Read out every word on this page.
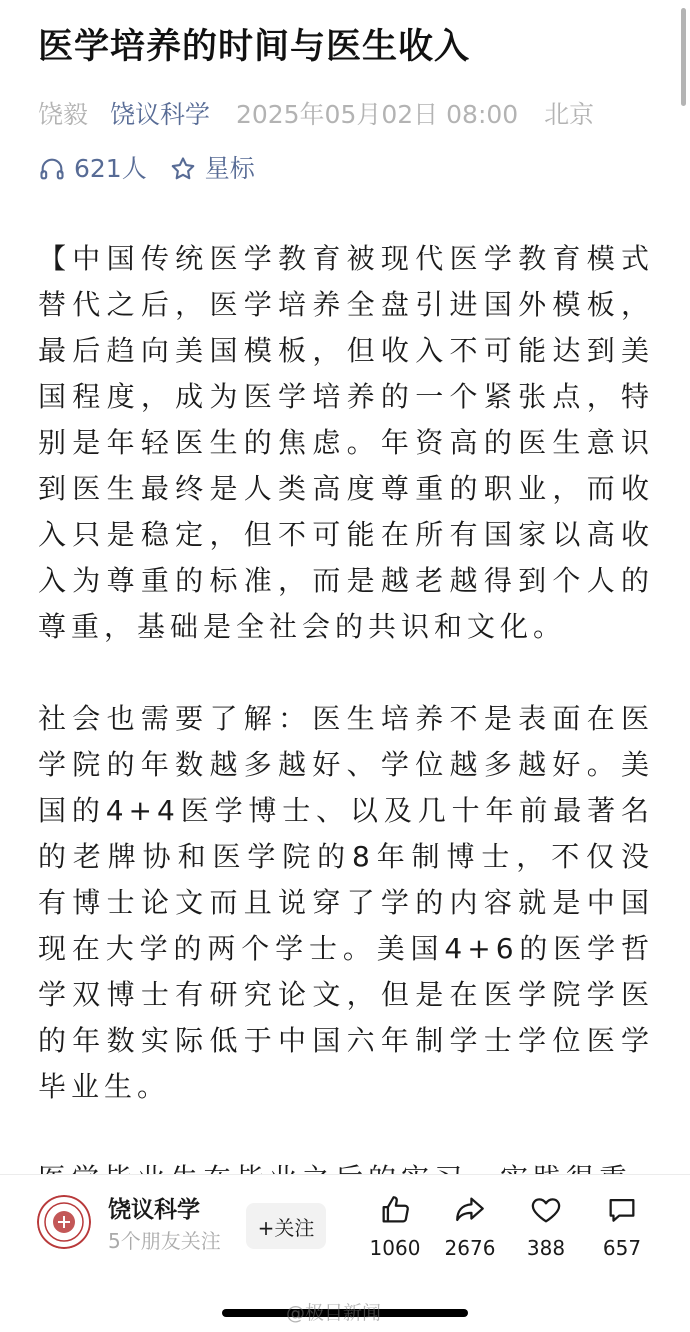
医学培养的时间与医生收入
饶毅 饶议科学 2025年05月02日 08:00 北京
621人 星标

【中国传统医学教育被现代医学教育模式替代之后，医学培养全盘引进国外模板，最后趋向美国模板，但收入不可能达到美国程度，成为医学培养的一个紧张点，特别是年轻医生的焦虑。年资高的医生意识到医生最终是人类高度尊重的职业，而收入只是稳定，但不可能在所有国家以高收入为尊重的标准，而是越老越得到个人的尊重，基础是全社会的共识和文化。

社会也需要了解：医生培养不是表面在医学院的年数越多越好、学位越多越好。美国的4+4医学博士、以及几十年前最著名的老牌协和医学院的8年制博士，不仅没有博士论文而且说穿了学的内容就是中国现在大学的两个学士。美国4+6的医学哲学双博士有研究论文，但是在医学院学医的年数实际低于中国六年制学士学位医学毕业生。

饶议科学
5个朋友关注
+关注
1060 2676 388 657
@极目新闻
